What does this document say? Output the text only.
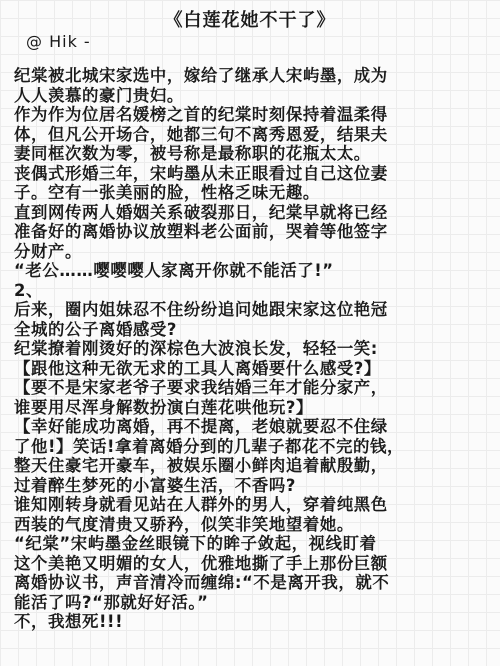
《白莲花她不干了》
@ Hik -
纪棠被北城宋家选中，嫁给了继承人宋屿墨，成为
人人羡慕的豪门贵妇。
作为作为位居名媛榜之首的纪棠时刻保持着温柔得
体，但凡公开场合，她都三句不离秀恩爱，结果夫
妻同框次数为零，被号称是最称职的花瓶太太。
丧偶式形婚三年，宋屿墨从未正眼看过自己这位妻
子。空有一张美丽的脸，性格乏味无趣。
直到网传两人婚姻关系破裂那日，纪棠早就将已经
准备好的离婚协议放塑料老公面前，哭着等他签字
分财产。
“老公……嘤嘤嘤人家离开你就不能活了!”
2、
后来，圈内姐妹忍不住纷纷追问她跟宋家这位艳冠
全城的公子离婚感受?
纪棠撩着刚烫好的深棕色大波浪长发，轻轻一笑:
【跟他这种无欲无求的工具人离婚要什么感受?】
【要不是宋家老爷子要求我结婚三年才能分家产，
谁要用尽浑身解数扮演白莲花哄他玩?】
【幸好能成功离婚，再不提离，老娘就要忍不住绿
了他!】笑话!拿着离婚分到的几辈子都花不完的钱，
整天住豪宅开豪车，被娱乐圈小鲜肉追着献殷勤，
过着醉生梦死的小富婆生活，不香吗?
谁知刚转身就看见站在人群外的男人，穿着纯黑色
西装的气度清贵又骄矜，似笑非笑地望着她。
“纪棠”宋屿墨金丝眼镜下的眸子敛起，视线盯着
这个美艳又明媚的女人，优雅地撕了手上那份巨额
离婚协议书，声音清冷而缠绵:“不是离开我，就不
能活了吗?“那就好好活。”
不，我想死!!!
